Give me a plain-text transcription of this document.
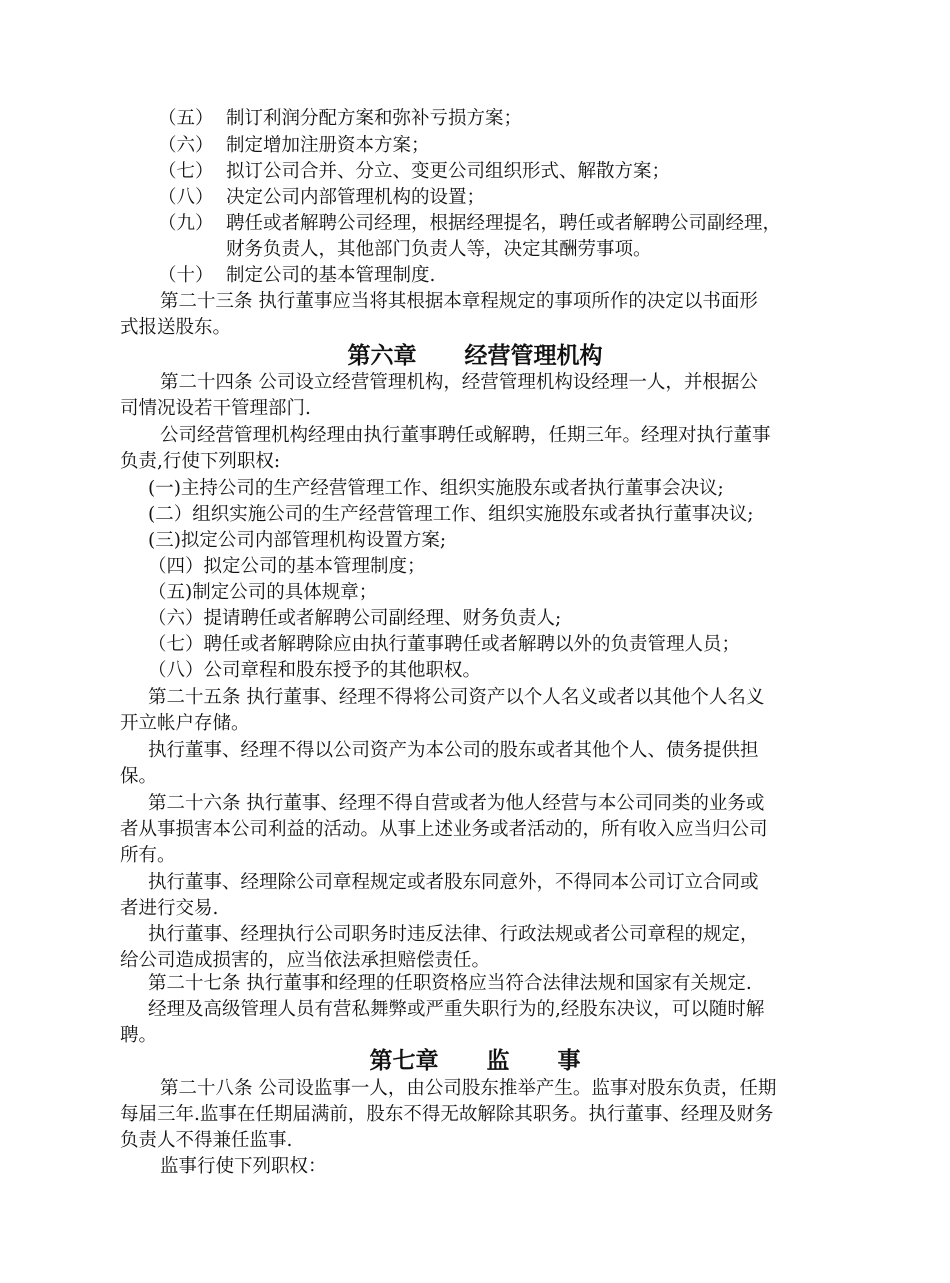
（五） 制订利润分配方案和弥补亏损方案；
（六） 制定增加注册资本方案；
（七） 拟订公司合并、分立、变更公司组织形式、解散方案；
（八） 决定公司内部管理机构的设置；
（九） 聘任或者解聘公司经理，根据经理提名，聘任或者解聘公司副经理，
财务负责人，其他部门负责人等，决定其酬劳事项。
（十） 制定公司的基本管理制度.
第二十三条 执行董事应当将其根据本章程规定的事项所作的决定以书面形
式报送股东。
第六章      经营管理机构
第二十四条 公司设立经营管理机构，经营管理机构设经理一人，并根据公
司情况设若干管理部门.
公司经营管理机构经理由执行董事聘任或解聘，任期三年。经理对执行董事
负责,行使下列职权:
(一)主持公司的生产经营管理工作、组织实施股东或者执行董事会决议;
(二）组织实施公司的生产经营管理工作、组织实施股东或者执行董事决议;
(三)拟定公司内部管理机构设置方案;
（四）拟定公司的基本管理制度；
（五)制定公司的具体规章；
（六）提请聘任或者解聘公司副经理、财务负责人;
（七）聘任或者解聘除应由执行董事聘任或者解聘以外的负责管理人员；
（八）公司章程和股东授予的其他职权。
第二十五条 执行董事、经理不得将公司资产以个人名义或者以其他个人名义
开立帐户存储。
执行董事、经理不得以公司资产为本公司的股东或者其他个人、债务提供担
保。
第二十六条 执行董事、经理不得自营或者为他人经营与本公司同类的业务或
者从事损害本公司利益的活动。从事上述业务或者活动的，所有收入应当归公司
所有。
执行董事、经理除公司章程规定或者股东同意外，不得同本公司订立合同或
者进行交易.
执行董事、经理执行公司职务时违反法律、行政法规或者公司章程的规定，
给公司造成损害的，应当依法承担赔偿责任。
第二十七条 执行董事和经理的任职资格应当符合法律法规和国家有关规定.
经理及高级管理人员有营私舞弊或严重失职行为的,经股东决议，可以随时解
聘。
第七章      监      事
第二十八条 公司设监事一人，由公司股东推举产生。监事对股东负责，任期
每届三年.监事在任期届满前，股东不得无故解除其职务。执行董事、经理及财务
负责人不得兼任监事.
监事行使下列职权：
